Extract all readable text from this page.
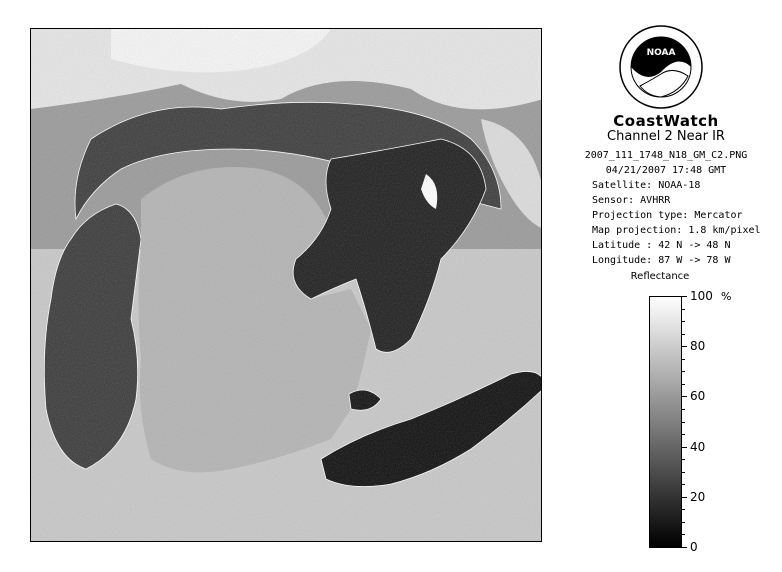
NOAA
CoastWatch
Channel 2 Near IR
2007_111_1748_N18_GM_C2.PNG
04/21/2007 17:48 GMT
Satellite: NOAA-18
Sensor: AVHRR
Projection type: Mercator
Map projection: 1.8 km/pixel
Latitude : 42 N -> 48 N
Longitude: 87 W -> 78 W
Reflectance
%
100
80
60
40
20
0
